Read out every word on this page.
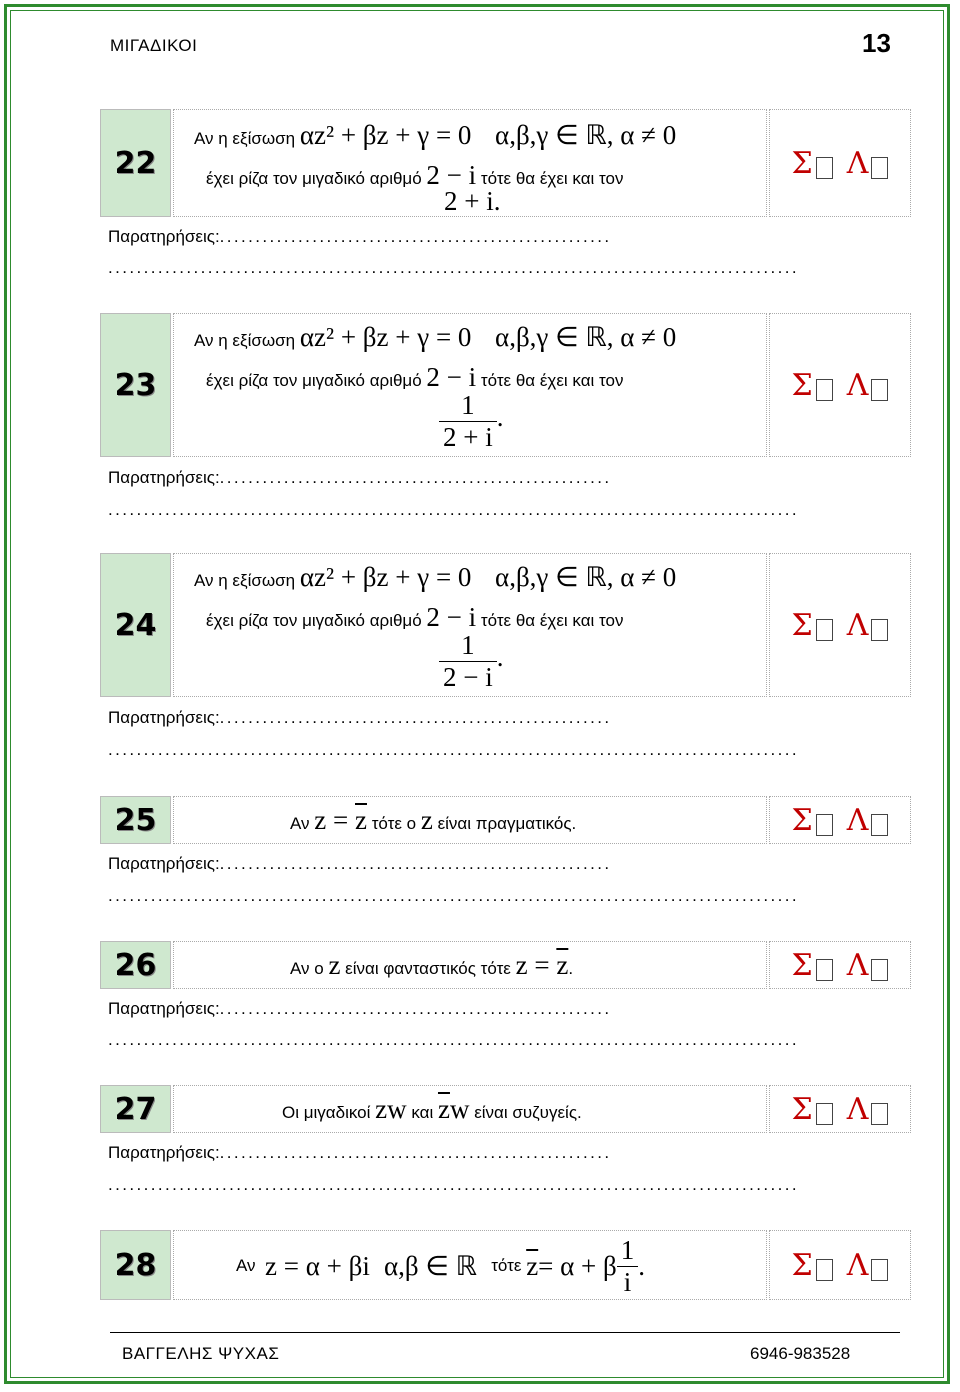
ΜΙΓΑΔΙΚΟΙ	13
22
Αν η εξίσωση αz² + βz + γ = 0 α,β,γ ∈ ℝ, α ≠ 0
έχει ρίζα τον μιγαδικό αριθμό 2 − i τότε θα έχει και τον
2 + i.
Σ	Λ
Παρατηρήσεις:.......................................................
.................................................................................................
23
Αν η εξίσωση αz² + βz + γ = 0 α,β,γ ∈ ℝ, α ≠ 0
έχει ρίζα τον μιγαδικό αριθμό 2 − i τότε θα έχει και τον
$\frac{1}{2 + i}$ .
Σ	Λ
Παρατηρήσεις:.......................................................
.................................................................................................
24
Αν η εξίσωση αz² + βz + γ = 0 α,β,γ ∈ ℝ, α ≠ 0
έχει ρίζα τον μιγαδικό αριθμό 2 − i τότε θα έχει και τον
$\frac{1}{2 - i}$ .
Σ	Λ
Παρατηρήσεις:.......................................................
.................................................................................................
25	Αν $z = \overline{z}$ τότε ο z είναι πραγματικός.	Σ	Λ
Παρατηρήσεις:.......................................................
.................................................................................................
26	Αν ο z είναι φανταστικός τότε $z = \overline{z}$.	Σ	Λ
Παρατηρήσεις:.......................................................
.................................................................................................
27	Οι μιγαδικοί zw και $\overline{z}w$ είναι συζυγείς.	Σ	Λ
Παρατηρήσεις:.......................................................
.................................................................................................
28	Αν
z = α + βi
α,β ∈ ℝ
τότε
$\overline{z} = \alpha + \beta \frac{1}{i}$ .	Σ	Λ
ΒΑΓΓΕΛΗΣ ΨΥΧΑΣ	6946-983528
